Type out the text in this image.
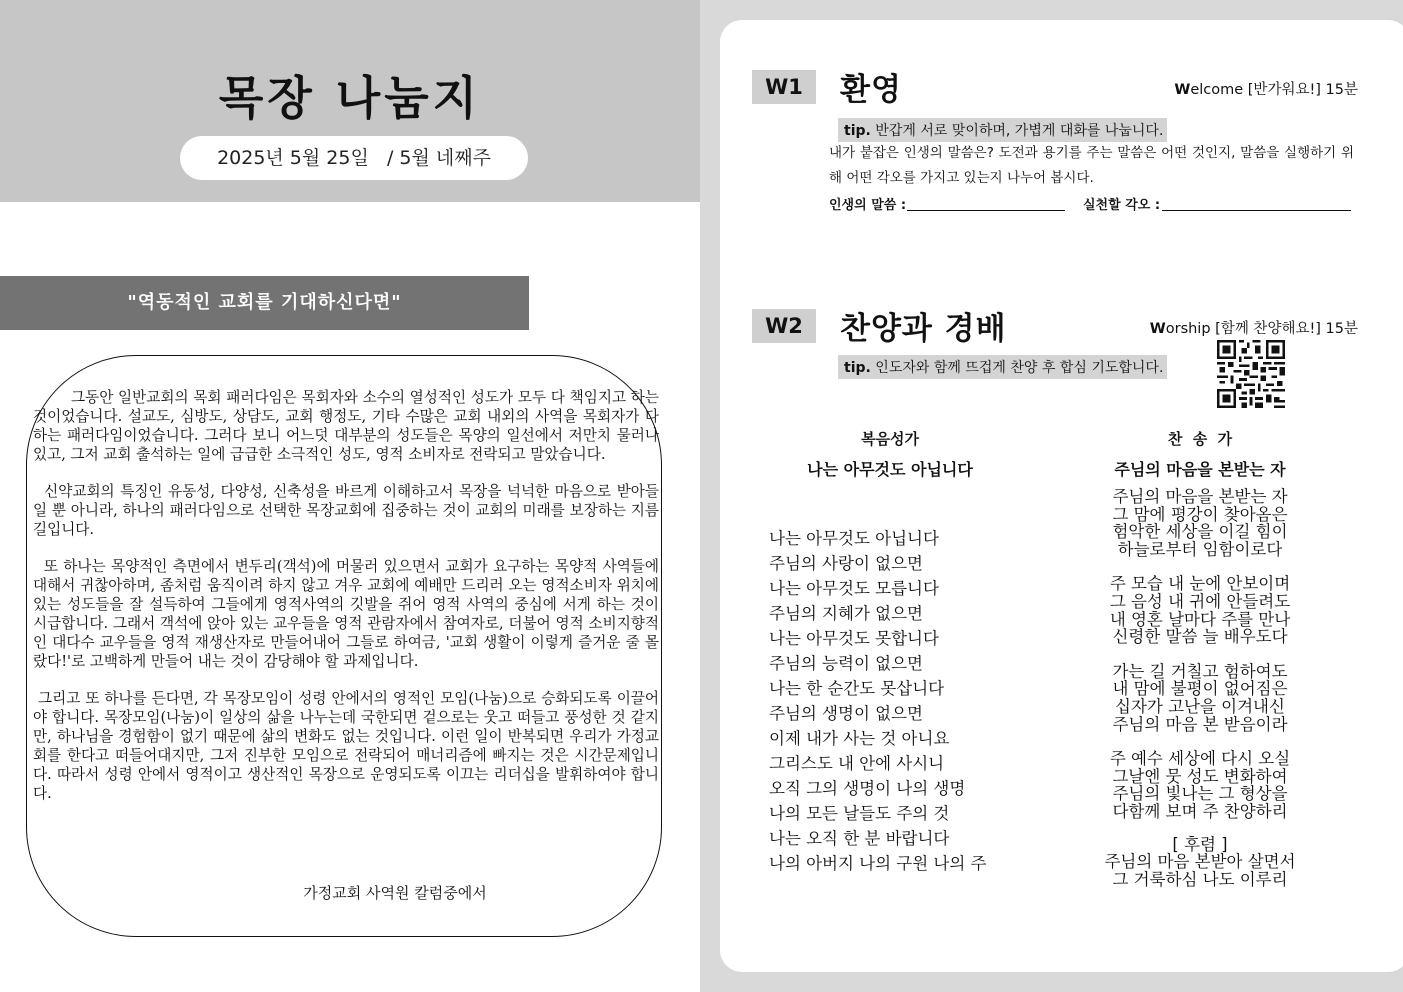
목장 나눔지
2025년 5월 25일   / 5월 네째주
"역동적인 교회를 기대하신다면"

그동안 일반교회의 목회 패러다임은 목회자와 소수의 열성적인 성도가 모두 다 책임지고 하는 것이었습니다. 설교도, 심방도, 상담도, 교회 행정도, 기타 수많은 교회 내외의 사역을 목회자가 다 하는 패러다임이었습니다. 그러다 보니 어느덧 대부분의 성도들은 목양의 일선에서 저만치 물러나 있고, 그저 교회 출석하는 일에 급급한 소극적인 성도, 영적 소비자로 전락되고 말았습니다.

신약교회의 특징인 유동성, 다양성, 신축성을 바르게 이해하고서 목장을 넉넉한 마음으로 받아들일 뿐 아니라, 하나의 패러다임으로 선택한 목장교회에 집중하는 것이 교회의 미래를 보장하는 지름길입니다.

또 하나는 목양적인 측면에서 변두리(객석)에 머물러 있으면서 교회가 요구하는 목양적 사역들에 대해서 귀찮아하며, 좀처럼 움직이려 하지 않고 겨우 교회에 예배만 드리러 오는 영적소비자 위치에 있는 성도들을 잘 설득하여 그들에게 영적사역의 깃발을 쥐어 영적 사역의 중심에 서게 하는 것이 시급합니다. 그래서 객석에 앉아 있는 교우들을 영적 관람자에서 참여자로, 더불어 영적 소비지향적인 대다수 교우들을 영적 재생산자로 만들어내어 그들로 하여금, '교회 생활이 이렇게 즐거운 줄 몰랐다!'로 고백하게 만들어 내는 것이 감당해야 할 과제입니다.

그리고 또 하나를 든다면, 각 목장모임이 성령 안에서의 영적인 모임(나눔)으로 승화되도록 이끌어야 합니다. 목장모임(나눔)이 일상의 삶을 나누는데 국한되면 겉으로는 웃고 떠들고 풍성한 것 같지만, 하나님을 경험함이 없기 때문에 삶의 변화도 없는 것입니다. 이런 일이 반복되면 우리가 가정교회를 한다고 떠들어대지만, 그저 진부한 모임으로 전락되어 매너리즘에 빠지는 것은 시간문제입니다. 따라서 성령 안에서 영적이고 생산적인 목장으로 운영되도록 이끄는 리더십을 발휘하여야 합니다.

가정교회 사역원 칼럼중에서
W1	환영	Welcome [반가워요!] 15분
tip. 반갑게 서로 맞이하며, 가볍게 대화를 나눕니다.
내가 붙잡은 인생의 말씀은? 도전과 용기를 주는 말씀은 어떤 것인지, 말씀을 실행하기 위해 어떤 각오를 가지고 있는지 나누어 봅시다.
인생의 말씀 :	실천할 각오 :
W2	찬양과 경배	Worship [함께 찬양해요!] 15분
tip. 인도자와 함께 뜨겁게 찬양 후 합심 기도합니다.
복음성가
나는 아무것도 아닙니다
나는 아무것도 아닙니다
주님의 사랑이 없으면
나는 아무것도 모릅니다
주님의 지혜가 없으면
나는 아무것도 못합니다
주님의 능력이 없으면
나는 한 순간도 못삽니다
주님의 생명이 없으면
이제 내가 사는 것 아니요
그리스도 내 안에 사시니
오직 그의 생명이 나의 생명
나의 모든 날들도 주의 것
나는 오직 한 분 바랍니다
나의 아버지 나의 구원 나의 주
찬  송  가
주님의 마음을 본받는 자
주님의 마음을 본받는 자
그 맘에 평강이 찾아옴은
험악한 세상을 이길 힘이
하늘로부터 임함이로다
주 모습 내 눈에 안보이며
그 음성 내 귀에 안들려도
내 영혼 날마다 주를 만나
신령한 말씀 늘 배우도다
가는 길 거칠고 험하여도
내 맘에 불평이 없어짐은
십자가 고난을 이겨내신
주님의 마음 본 받음이라
주 예수 세상에 다시 오실
그날엔 뭇 성도 변화하여
주님의 빛나는 그 형상을
다함께 보며 주 찬양하리
[ 후렴 ]
주님의 마음 본받아 살면서
그 거룩하심 나도 이루리
